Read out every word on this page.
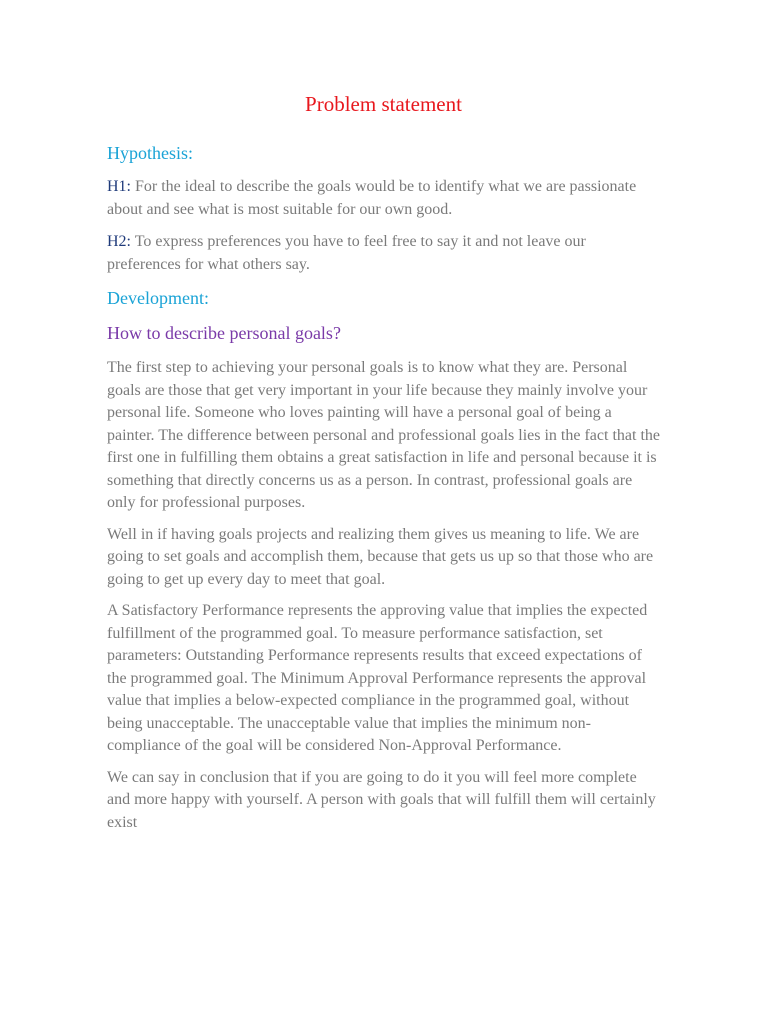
Problem statement
Hypothesis:

H1: For the ideal to describe the goals would be to identify what we are passionate about and see what is most suitable for our own good.

H2: To express preferences you have to feel free to say it and not leave our preferences for what others say.

Development:
How to describe personal goals?

The first step to achieving your personal goals is to know what they are. Personal goals are those that get very important in your life because they mainly involve your personal life. Someone who loves painting will have a personal goal of being a painter. The difference between personal and professional goals lies in the fact that the first one in fulfilling them obtains a great satisfaction in life and personal because it is something that directly concerns us as a person. In contrast, professional goals are only for professional purposes.

Well in if having goals projects and realizing them gives us meaning to life. We are going to set goals and accomplish them, because that gets us up so that those who are going to get up every day to meet that goal.

A Satisfactory Performance represents the approving value that implies the expected fulfillment of the programmed goal. To measure performance satisfaction, set parameters: Outstanding Performance represents results that exceed expectations of the programmed goal. The Minimum Approval Performance represents the approval value that implies a below-expected compliance in the programmed goal, without being unacceptable. The unacceptable value that implies the minimum non-compliance of the goal will be considered Non-Approval Performance.

We can say in conclusion that if you are going to do it you will feel more complete and more happy with yourself. A person with goals that will fulfill them will certainly exist
